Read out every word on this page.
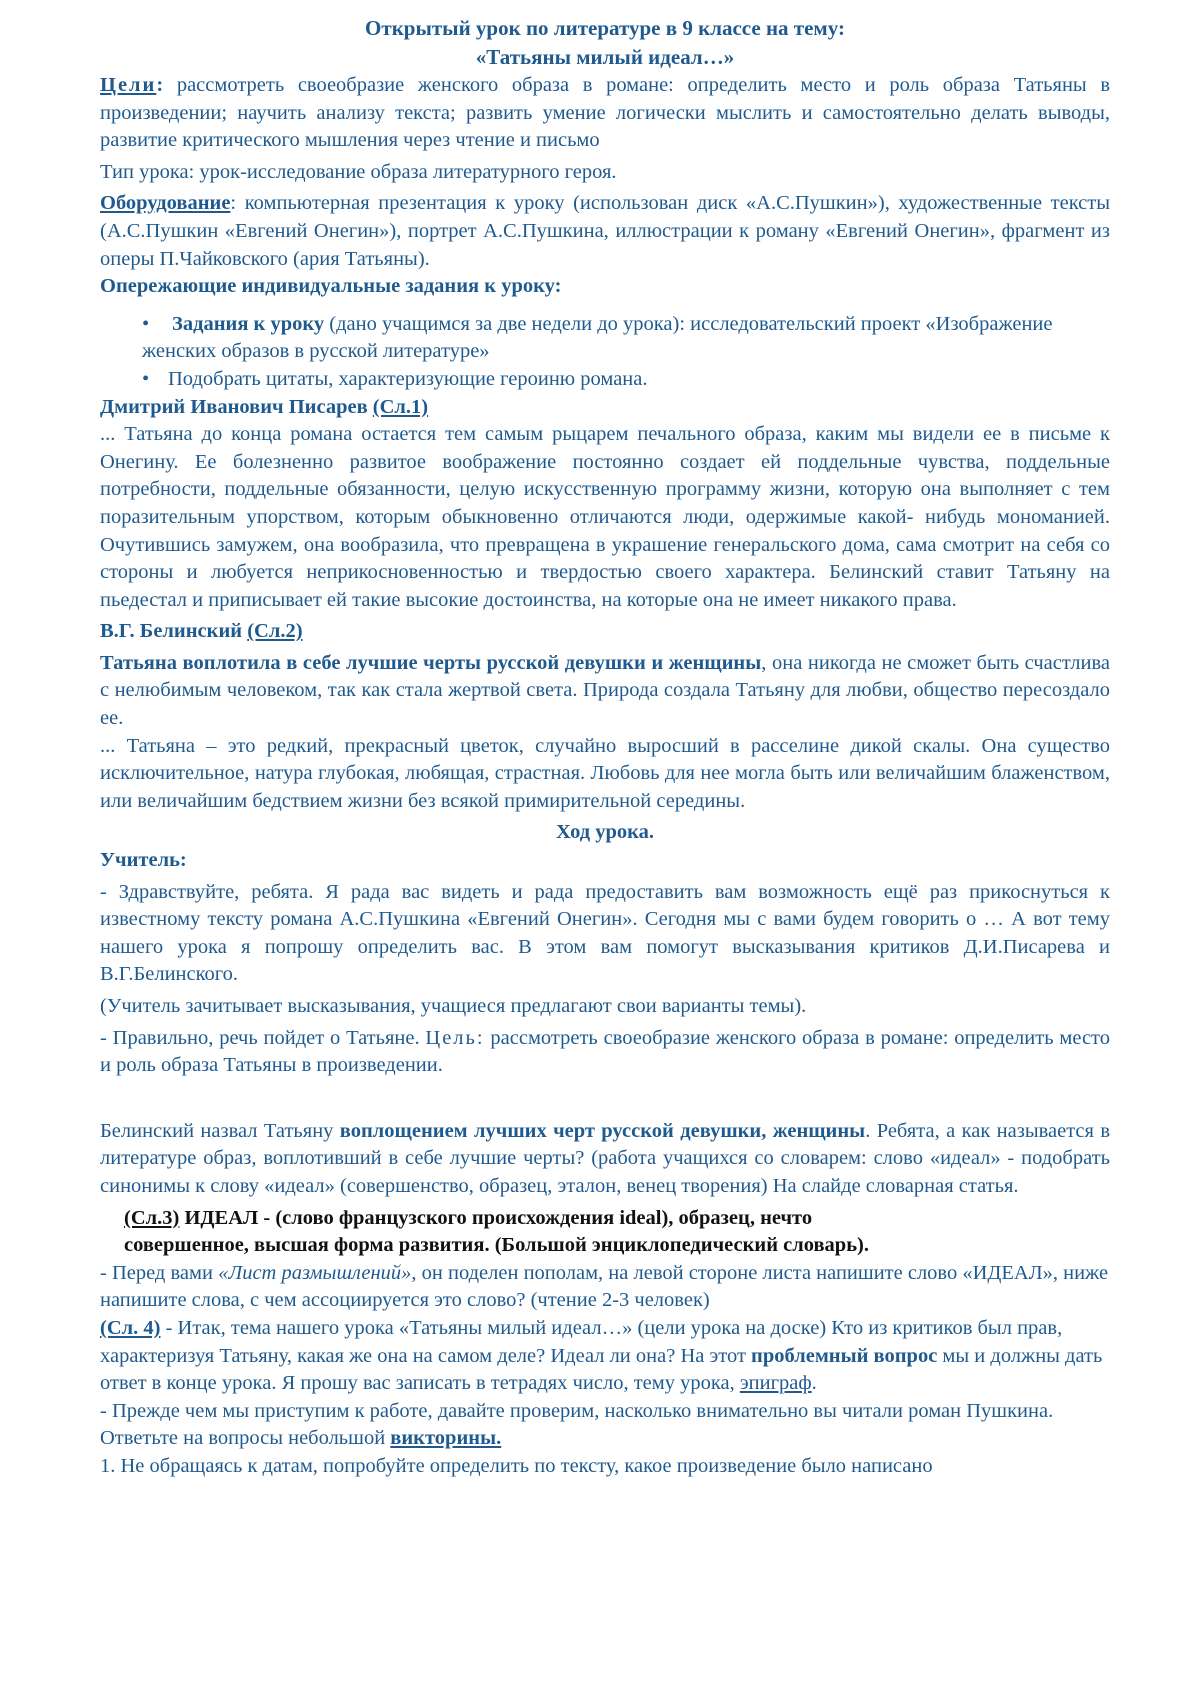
Открытый урок по литературе в 9 классе на тему:

«Татьяны милый идеал…»

Цели: рассмотреть своеобразие женского образа в романе: определить место и роль образа Татьяны в произведении; научить анализу текста; развить умение логически мыслить и самостоятельно делать выводы, развитие критического мышления через чтение и письмо

Тип урока: урок-исследование образа литературного героя.

Оборудование: компьютерная презентация к уроку (использован диск «А.С.Пушкин»), художественные тексты (А.С.Пушкин «Евгений Онегин»), портрет А.С.Пушкина, иллюстрации к роману «Евгений Онегин», фрагмент из оперы П.Чайковского (ария Татьяны).

Опережающие индивидуальные задания к уроку:

• Задания к уроку (дано учащимся за две недели до урока): исследовательский проект «Изображение женских образов в русской литературе»

• Подобрать цитаты, характеризующие героиню романа.

Дмитрий Иванович Писарев (Сл.1)

... Татьяна до конца романа остается тем самым рыцарем печального образа, каким мы видели ее в письме к Онегину. Ее болезненно развитое воображение постоянно создает ей поддельные чувства, поддельные потребности, поддельные обязанности, целую искусственную программу жизни, которую она выполняет с тем поразительным упорством, которым обыкновенно отличаются люди, одержимые какой- нибудь мономанией. Очутившись замужем, она вообразила, что превращена в украшение генеральского дома, сама смотрит на себя со стороны и любуется неприкосновенностью и твердостью своего характера. Белинский ставит Татьяну на пьедестал и приписывает ей такие высокие достоинства, на которые она не имеет никакого права.

В.Г. Белинский (Сл.2)

Татьяна воплотила в себе лучшие черты русской девушки и женщины, она никогда не сможет быть счастлива с нелюбимым человеком, так как стала жертвой света. Природа создала Татьяну для любви, общество пересоздало ее.

... Татьяна – это редкий, прекрасный цветок, случайно выросший в расселине дикой скалы. Она существо исключительное, натура глубокая, любящая, страстная. Любовь для нее могла быть или величайшим блаженством, или величайшим бедствием жизни без всякой примирительной середины.

Ход урока.

Учитель:

- Здравствуйте, ребята. Я рада вас видеть и рада предоставить вам возможность ещё раз прикоснуться к известному тексту романа А.С.Пушкина «Евгений Онегин». Сегодня мы с вами будем говорить о … А вот тему нашего урока я попрошу определить вас. В этом вам помогут высказывания критиков Д.И.Писарева и В.Г.Белинского.

(Учитель зачитывает высказывания, учащиеся предлагают свои варианты темы).

- Правильно, речь пойдет о Татьяне. Цель: рассмотреть своеобразие женского образа в романе: определить место и роль образа Татьяны в произведении.

Белинский назвал Татьяну воплощением лучших черт русской девушки, женщины. Ребята, а как называется в литературе образ, воплотивший в себе лучшие черты? (работа учащихся со словарем: слово «идеал» - подобрать синонимы к слову «идеал» (совершенство, образец, эталон, венец творения) На слайде словарная статья.

(Сл.3) ИДЕАЛ - (слово французского происхождения ideal), образец, нечто

совершенное, высшая форма развития. (Большой энциклопедический словарь).

- Перед вами «Лист размышлений», он поделен пополам, на левой стороне листа напишите слово «ИДЕАЛ», ниже напишите слова, с чем ассоциируется это слово? (чтение 2-3 человек)

(Сл. 4) - Итак, тема нашего урока «Татьяны милый идеал…» (цели урока на доске) Кто из критиков был прав, характеризуя Татьяну, какая же она на самом деле? Идеал ли она? На этот проблемный вопрос мы и должны дать ответ в конце урока. Я прошу вас записать в тетрадях число, тему урока, эпиграф.

- Прежде чем мы приступим к работе, давайте проверим, насколько внимательно вы читали роман Пушкина. Ответьте на вопросы небольшой викторины.

1. Не обращаясь к датам, попробуйте определить по тексту, какое произведение было написано
